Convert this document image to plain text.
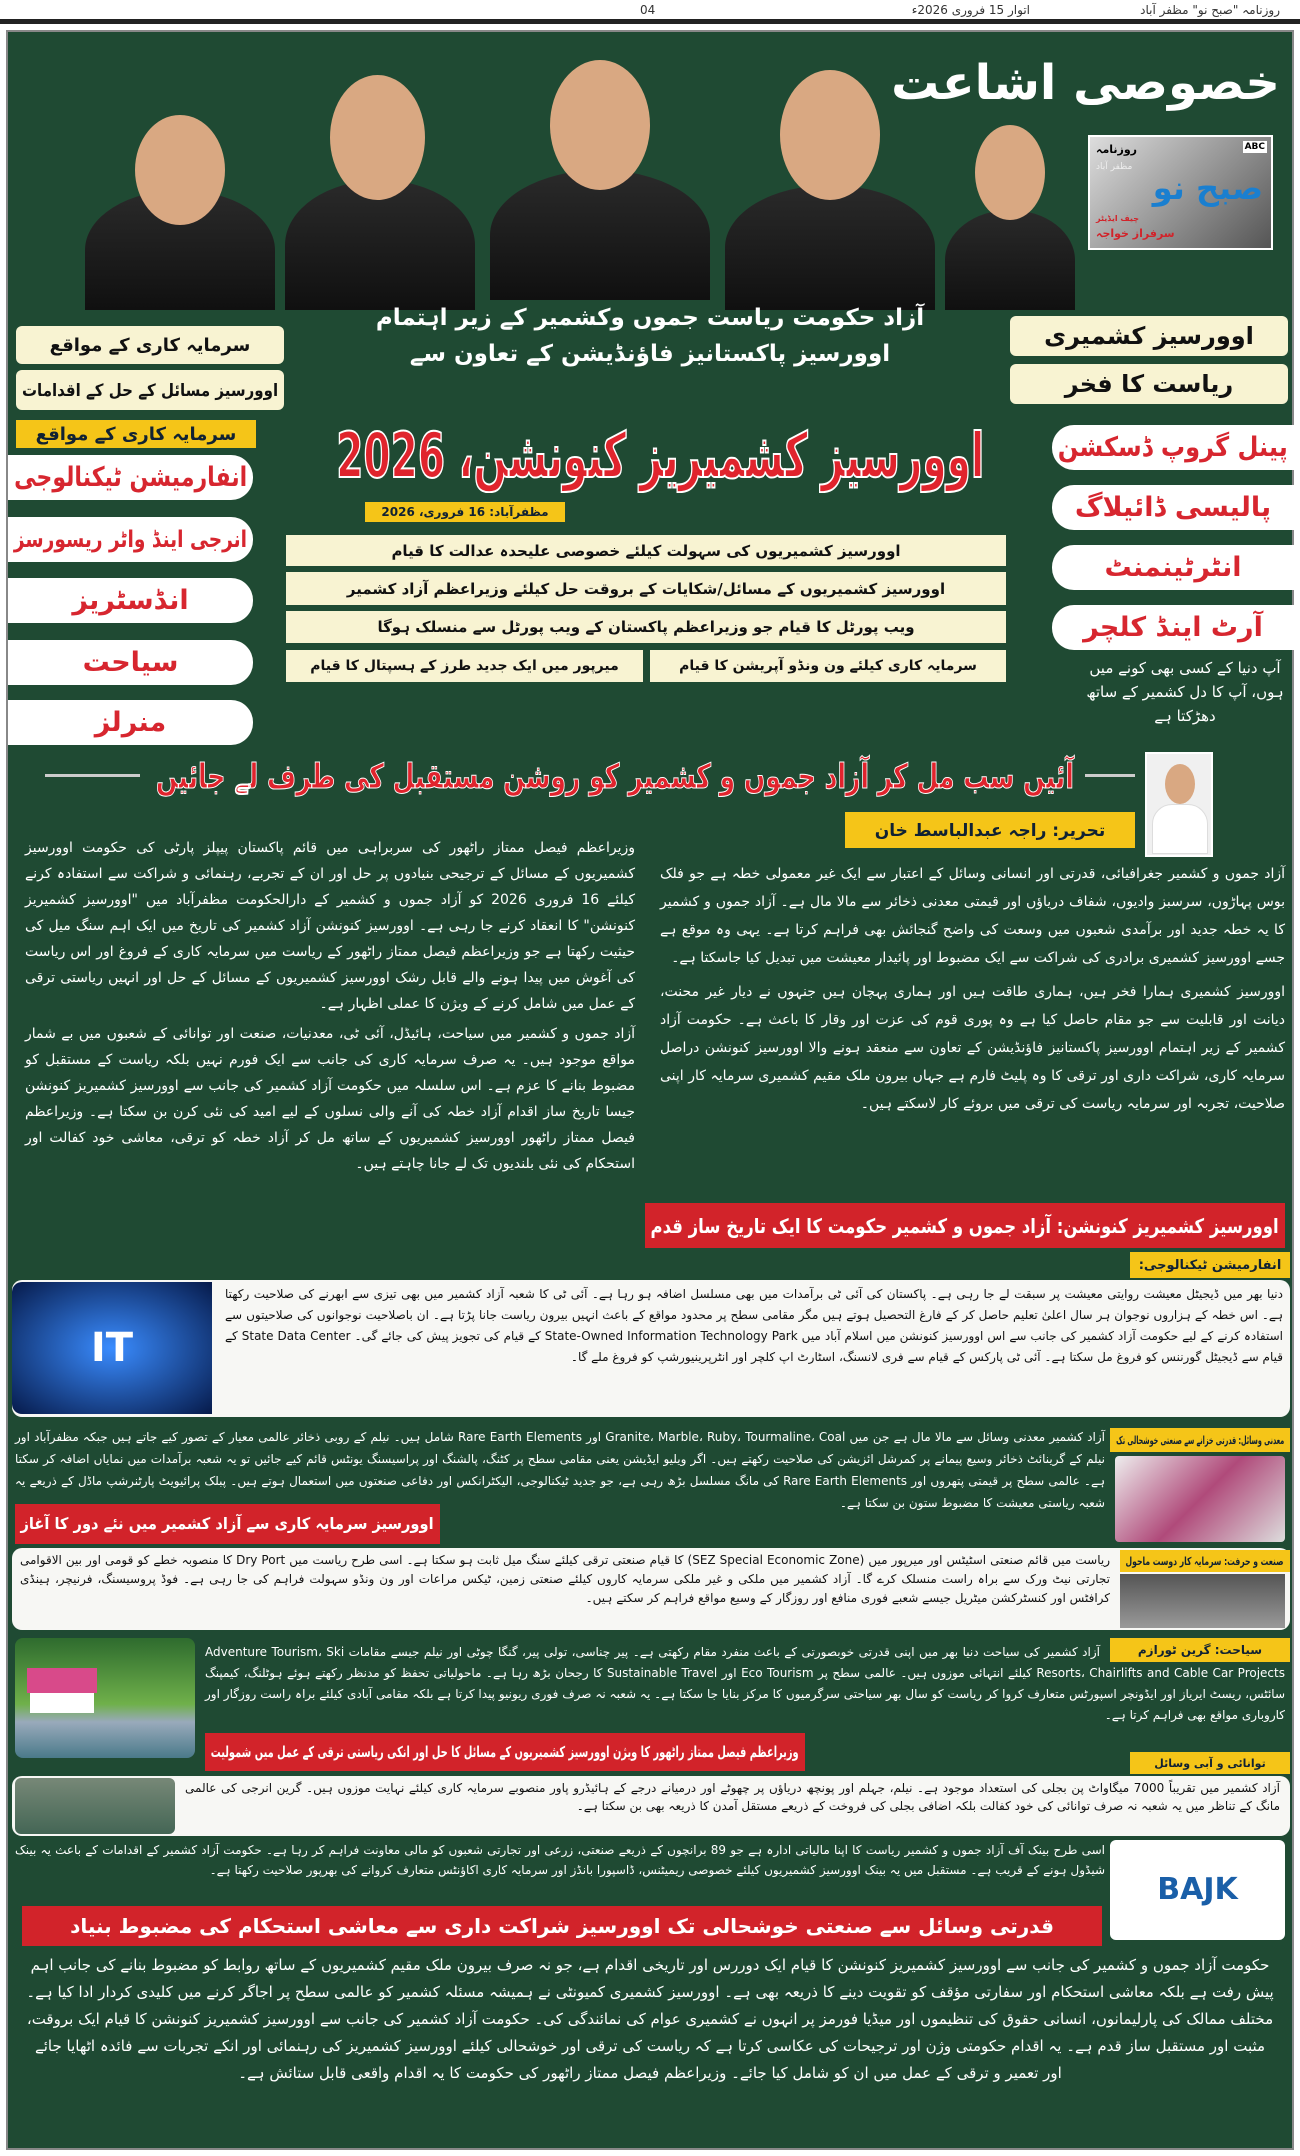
روزنامہ "صبح نو" مظفر آباد
اتوار 15 فروری 2026ء
04
خصوصی اشاعت
صبح نو
ABC
روزنامہ
مظفر آباد
چیف ایڈیٹر
سرفراز خواجہ
آزاد حکومت ریاست جموں وکشمیر کے زیر اہتمام
اوورسیز پاکستانیز فاؤنڈیشن کے تعاون سے
سرمایہ کاری کے مواقع
اوورسیز مسائل کے حل کے اقدامات
اوورسیز کشمیری
ریاست کا فخر
سرمایہ کاری کے مواقع
انفارمیشن ٹیکنالوجی
انرجی اینڈ واٹر ریسورسز
انڈسٹریز
سیاحت
منرلز
پینل گروپ ڈسکشن
پالیسی ڈائیلاگ
انٹرٹینمنٹ
آرٹ اینڈ کلچر
آپ دنیا کے کسی بھی کونے میں ہوں، آپ کا دل کشمیر کے ساتھ دھڑکتا ہے
اوورسیز کشمیریز کنونشن، 2026
مظفرآباد: 16 فروری، 2026
اوورسیز کشمیریوں کی سہولت کیلئے خصوصی علیحدہ عدالت کا قیام
اوورسیز کشمیریوں کے مسائل/شکایات کے بروقت حل کیلئے وزیراعظم آزاد کشمیر
ویب پورٹل کا قیام جو وزیراعظم پاکستان کے ویب پورٹل سے منسلک ہوگا
سرمایہ کاری کیلئے ون ونڈو آپریشن کا قیام
میرپور میں ایک جدید طرز کے ہسپتال کا قیام
آئیں سب مل کر آزاد جموں و کشمیر کو روشن مستقبل کی طرف لے جائیں
تحریر: راجہ عبدالباسط خان
وزیراعظم فیصل ممتاز راٹھور کی سربراہی میں قائم پاکستان پیپلز پارٹی کی حکومت اوورسیز کشمیریوں کے مسائل کے ترجیحی بنیادوں پر حل اور ان کے تجربے، رہنمائی و شراکت سے استفادہ کرنے کیلئے 16 فروری 2026 کو آزاد جموں و کشمیر کے دارالحکومت مظفرآباد میں "اوورسیز کشمیریز کنونشن" کا انعقاد کرنے جا رہی ہے۔ اوورسیز کنونشن آزاد کشمیر کی تاریخ میں ایک اہم سنگ میل کی حیثیت رکھتا ہے جو وزیراعظم فیصل ممتاز راٹھور کے ریاست میں سرمایہ کاری کے فروغ اور اس ریاست کی آغوش میں پیدا ہونے والے قابل رشک اوورسیز کشمیریوں کے مسائل کے حل اور انہیں ریاستی ترقی کے عمل میں شامل کرنے کے ویژن کا عملی اظہار ہے۔
آزاد جموں و کشمیر میں سیاحت، ہائیڈل، آئی ٹی، معدنیات، صنعت اور توانائی کے شعبوں میں بے شمار مواقع موجود ہیں۔ یہ صرف سرمایہ کاری کی جانب سے ایک فورم نہیں بلکہ ریاست کے مستقبل کو مضبوط بنانے کا عزم ہے۔ اس سلسلہ میں حکومت آزاد کشمیر کی جانب سے اوورسیز کشمیریز کنونشن جیسا تاریخ ساز اقدام آزاد خطہ کی آنے والی نسلوں کے لیے امید کی نئی کرن بن سکتا ہے۔ وزیراعظم فیصل ممتاز راٹھور اوورسیز کشمیریوں کے ساتھ مل کر آزاد خطہ کو ترقی، معاشی خود کفالت اور استحکام کی نئی بلندیوں تک لے جانا چاہتے ہیں۔
آزاد جموں و کشمیر جغرافیائی، قدرتی اور انسانی وسائل کے اعتبار سے ایک غیر معمولی خطہ ہے جو فلک بوس پہاڑوں، سرسبز وادیوں، شفاف دریاؤں اور قیمتی معدنی ذخائر سے مالا مال ہے۔ آزاد جموں و کشمیر کا یہ خطہ جدید اور برآمدی شعبوں میں وسعت کی واضح گنجائش بھی فراہم کرتا ہے۔ یہی وہ موقع ہے جسے اوورسیز کشمیری برادری کی شراکت سے ایک مضبوط اور پائیدار معیشت میں تبدیل کیا جاسکتا ہے۔
اوورسیز کشمیری ہمارا فخر ہیں، ہماری طاقت ہیں اور ہماری پہچان ہیں جنہوں نے دیار غیر محنت، دیانت اور قابلیت سے جو مقام حاصل کیا ہے وہ پوری قوم کی عزت اور وقار کا باعث ہے۔ حکومت آزاد کشمیر کے زیر اہتمام اوورسیز پاکستانیز فاؤنڈیشن کے تعاون سے منعقد ہونے والا اوورسیز کنونشن دراصل سرمایہ کاری، شراکت داری اور ترقی کا وہ پلیٹ فارم ہے جہاں بیرون ملک مقیم کشمیری سرمایہ کار اپنی صلاحیت، تجربہ اور سرمایہ ریاست کی ترقی میں بروئے کار لاسکتے ہیں۔
اوورسیز کشمیریز کنونشن: آزاد جموں و کشمیر حکومت کا ایک تاریخ ساز قدم
انفارمیشن ٹیکنالوجی:
IT
دنیا بھر میں ڈیجیٹل معیشت روایتی معیشت پر سبقت لے جا رہی ہے۔ پاکستان کی آئی ٹی برآمدات میں بھی مسلسل اضافہ ہو رہا ہے۔ آئی ٹی کا شعبہ آزاد کشمیر میں بھی تیزی سے ابھرنے کی صلاحیت رکھتا ہے۔ اس خطہ کے ہزاروں نوجوان ہر سال اعلیٰ تعلیم حاصل کر کے فارغ التحصیل ہوتے ہیں مگر مقامی سطح پر محدود مواقع کے باعث انہیں بیرون ریاست جانا پڑتا ہے۔ ان باصلاحیت نوجوانوں کی صلاحیتوں سے استفادہ کرنے کے لیے حکومت آزاد کشمیر کی جانب سے اس اوورسیز کنونشن میں اسلام آباد میں State-Owned Information Technology Park کے قیام کی تجویز پیش کی جائے گی۔ State Data Center کے قیام سے ڈیجیٹل گورننس کو فروغ مل سکتا ہے۔ آئی ٹی پارکس کے قیام سے فری لانسنگ، اسٹارٹ اپ کلچر اور انٹرپرینیورشپ کو فروغ ملے گا۔
معدنی وسائل: قدرتی خزانے سے صنعتی خوشحالی تک
اوورسیز سرمایہ کاری سے آزاد کشمیر میں نئے دور کا آغاز
آزاد کشمیر معدنی وسائل سے مالا مال ہے جن میں Granite، Marble، Ruby، Tourmaline، Coal اور Rare Earth Elements شامل ہیں۔ نیلم کے روبی ذخائر عالمی معیار کے تصور کیے جاتے ہیں جبکہ مظفرآباد اور نیلم کے گرینائٹ ذخائر وسیع پیمانے پر کمرشل ائزیشن کی صلاحیت رکھتے ہیں۔ اگر ویلیو ایڈیشن یعنی مقامی سطح پر کٹنگ، پالشنگ اور پراسیسنگ یونٹس قائم کیے جائیں تو یہ شعبہ برآمدات میں نمایاں اضافہ کر سکتا ہے۔ عالمی سطح پر قیمتی پتھروں اور Rare Earth Elements کی مانگ مسلسل بڑھ رہی ہے، جو جدید ٹیکنالوجی، الیکٹرانکس اور دفاعی صنعتوں میں استعمال ہوتے ہیں۔ پبلک پرائیویٹ پارٹنرشپ ماڈل کے ذریعے یہ شعبہ ریاستی معیشت کا مضبوط ستون بن سکتا ہے۔
صنعت و حرفت: سرمایہ کار دوست ماحول
ریاست میں قائم صنعتی اسٹیٹس اور میرپور میں (SEZ Special Economic Zone) کا قیام صنعتی ترقی کیلئے سنگ میل ثابت ہو سکتا ہے۔ اسی طرح ریاست میں Dry Port کا منصوبہ خطے کو قومی اور بین الاقوامی تجارتی نیٹ ورک سے براہ راست منسلک کرے گا۔ آزاد کشمیر میں ملکی و غیر ملکی سرمایہ کاروں کیلئے صنعتی زمین، ٹیکس مراعات اور ون ونڈو سہولت فراہم کی جا رہی ہے۔ فوڈ پروسیسنگ، فرنیچر، ہینڈی کرافٹس اور کنسٹرکشن میٹریل جیسے شعبے فوری منافع اور روزگار کے وسیع مواقع فراہم کر سکتے ہیں۔
سیاحت: گرین ٹورازم
وزیراعظم فیصل ممتاز راٹھور کا ویژن اوورسیز کشمیریوں کے مسائل کا حل اور انکی ریاستی ترقی کے عمل میں شمولیت
آزاد کشمیر کی سیاحت دنیا بھر میں اپنی قدرتی خوبصورتی کے باعث منفرد مقام رکھتی ہے۔ پیر چناسی، تولی پیر، گنگا چوٹی اور نیلم جیسے مقامات Adventure Tourism، Ski Resorts، Chairlifts and Cable Car Projects کیلئے انتہائی موزوں ہیں۔ عالمی سطح پر Eco Tourism اور Sustainable Travel کا رجحان بڑھ رہا ہے۔ ماحولیاتی تحفظ کو مدنظر رکھتے ہوئے ہوٹلنگ، کیمپنگ سائٹس، ریسٹ ایریاز اور ایڈونچر اسپورٹس متعارف کروا کر ریاست کو سال بھر سیاحتی سرگرمیوں کا مرکز بنایا جا سکتا ہے۔ یہ شعبہ نہ صرف فوری ریونیو پیدا کرتا ہے بلکہ مقامی آبادی کیلئے براہ راست روزگار اور کاروباری مواقع بھی فراہم کرتا ہے۔
توانائی و آبی وسائل
آزاد کشمیر میں تقریباً 7000 میگاواٹ پن بجلی کی استعداد موجود ہے۔ نیلم، جہلم اور پونچھ دریاؤں پر چھوٹے اور درمیانے درجے کے ہائیڈرو پاور منصوبے سرمایہ کاری کیلئے نہایت موزوں ہیں۔ گرین انرجی کی عالمی مانگ کے تناظر میں یہ شعبہ نہ صرف توانائی کی خود کفالت بلکہ اضافی بجلی کی فروخت کے ذریعے مستقل آمدن کا ذریعہ بھی بن سکتا ہے۔
اسی طرح بینک آف آزاد جموں و کشمیر ریاست کا اپنا مالیاتی ادارہ ہے جو 89 برانچوں کے ذریعے صنعتی، زرعی اور تجارتی شعبوں کو مالی معاونت فراہم کر رہا ہے۔ حکومت آزاد کشمیر کے اقدامات کے باعث یہ بینک شیڈول ہونے کے قریب ہے۔ مستقبل میں یہ بینک اوورسیز کشمیریوں کیلئے خصوصی ریمیٹنس، ڈاسپورا بانڈز اور سرمایہ کاری اکاؤنٹس متعارف کروانے کی بھرپور صلاحیت رکھتا ہے۔
BAJK
قدرتی وسائل سے صنعتی خوشحالی تک اوورسیز شراکت داری سے معاشی استحکام کی مضبوط بنیاد
حکومت آزاد جموں و کشمیر کی جانب سے اوورسیز کشمیریز کنونشن کا قیام ایک دوررس اور تاریخی اقدام ہے، جو نہ صرف بیرون ملک مقیم کشمیریوں کے ساتھ روابط کو مضبوط بنانے کی جانب اہم پیش رفت ہے بلکہ معاشی استحکام اور سفارتی مؤقف کو تقویت دینے کا ذریعہ بھی ہے۔ اوورسیز کشمیری کمیونٹی نے ہمیشہ مسئلہ کشمیر کو عالمی سطح پر اجاگر کرنے میں کلیدی کردار ادا کیا ہے۔ مختلف ممالک کی پارلیمانوں، انسانی حقوق کی تنظیموں اور میڈیا فورمز پر انہوں نے کشمیری عوام کی نمائندگی کی۔ حکومت آزاد کشمیر کی جانب سے اوورسیز کشمیریز کنونشن کا قیام ایک بروقت، مثبت اور مستقبل ساز قدم ہے۔ یہ اقدام حکومتی وژن اور ترجیحات کی عکاسی کرتا ہے کہ ریاست کی ترقی اور خوشحالی کیلئے اوورسیز کشمیریز کی رہنمائی اور انکے تجربات سے فائدہ اٹھایا جائے اور تعمیر و ترقی کے عمل میں ان کو شامل کیا جائے۔ وزیراعظم فیصل ممتاز راٹھور کی حکومت کا یہ اقدام واقعی قابل ستائش ہے۔
